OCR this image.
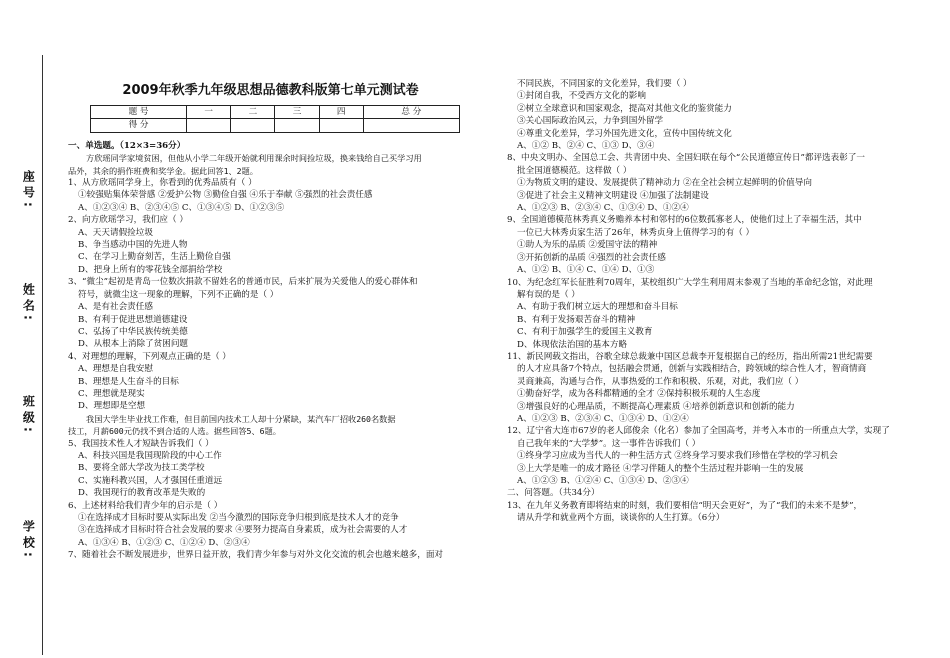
座号:
姓名:
班级:
学校:
2009年秋季九年级思想品德教科版第七单元测试卷
题 号	一	二	三	四	总 分
得 分					
一、单选题。（12×3=36分）
方欣瑶同学家境贫困，但他从小学二年级开始就利用课余时间捡垃圾，换来钱给自己买学习用
品外，其余的捐作班费和奖学金。据此回答1、2题。
1、从方欣瑶同学身上，你看到的优秀品质有（ ）
①较强贴集体荣誉感 ②爱护公物 ③勤俭自强 ④乐于奉献 ⑤强烈的社会责任感
A、①②③④ B、②③④⑤ C、①③④⑤ D、①②③⑤
2、向方欣瑶学习，我们应（ ）
A、天天请假捡垃圾
B、争当感动中国的先进人物
C、在学习上勤奋刻苦，生活上勤俭自强
D、把身上所有的零花钱全部捐给学校
3、“微尘”起初是青岛一位数次捐款不留姓名的普通市民，后来扩展为关爱他人的爱心群体和
符号，就微尘这一现象的理解，下列不正确的是（ ）
A、是有社会责任感
B、有利于促进思想道德建设
C、弘扬了中华民族传统美德
D、从根本上消除了贫困问题
4、对理想的理解，下列观点正确的是（ ）
A、理想是自我安慰
B、理想是人生奋斗的目标
C、理想就是现实
D、理想即是空想
我国大学生毕业找工作难，但目前国内技术工人却十分紧缺，某汽车厂招收260名数据
技工，月薪600元仍找不到合适的人选。据些回答5、6题。
5、我国技术性人才短缺告诉我们（ ）
A、科技兴国是我国现阶段的中心工作
B、要将全部大学改为技工类学校
C、实施科教兴国，人才强国任重道远
D、我国现行的教育改革是失败的
6、上述材料给我们青少年的启示是（ ）
①在选择成才目标时要从实际出发 ②当今激烈的国际竞争归根到底是技术人才的竞争
③在选择成才目标时符合社会发展的要求 ④要努力提高自身素质，成为社会需要的人才
A、①③④ B、①②③ C、①②④ D、②③④
7、随着社会不断发展进步，世界日益开放，我们青少年参与对外文化交流的机会也越来越多，面对
不同民族，不同国家的文化差异，我们要（ ）
①封闭自我，不受西方文化的影响
②树立全球意识和国家观念，提高对其他文化的鉴赏能力
③关心国际政治风云，力争到国外留学
④尊重文化差异，学习外国先进文化，宣传中国传统文化
A、①② B、②④ C、①③ D、③④
8、中央文明办、全国总工会、共青团中央、全国妇联在每个“公民道德宣传日”都评选表彰了一
批全国道德模范。这样做（ ）
①为物质文明的建设、发展提供了精神动力 ②在全社会树立起鲜明的价值导向
③促进了社会主义精神文明建设 ④加强了法制建设
A、①②③ B、②③④ C、①③④ D、①②④
9、全国道德模范林秀真义务赡养本村和邻村的6位数孤寡老人，使他们过上了幸福生活，其中
一位已大林秀贞家生活了26年，林秀贞身上值得学习的有（ ）
①助人为乐的品质 ②爱国守法的精神
③开拓创新的品质 ④强烈的社会责任感
A、①② B、①④ C、①④ D、①③
10、为纪念红军长征胜利70周年，某校组织广大学生利用周末参观了当地的革命纪念馆，对此理
解有误的是（ ）
A、有助于我们树立远大的理想和奋斗目标
B、有利于发扬艰苦奋斗的精神
C、有利于加强学生的爱国主义教育
D、体现依法治国的基本方略
11、新民网载文指出，谷歌全球总裁兼中国区总裁李开复根据自己的经历，指出所需21世纪需要
的人才应具备7个特点，包括融会贯通，创新与实践相结合，跨领域的综合性人才，智商情商
灵商兼高，沟通与合作，从事热爱的工作和积极、乐观，对此，我们应（ ）
①勤奋好学，成为各科都精通的全才 ②保持积极乐观的人生态度
③增强良好的心理品质，不断提高心理素质 ④培养创新意识和创新的能力
A、①②③ B、②③④ C、①③④ D、①②④
12、辽宁省大连市67岁的老人邱俊余（化名）参加了全国高考，并考入本市的一所重点大学，实现了
自己我年来的“大学梦”。这一事件告诉我们（ ）
①终身学习应成为当代人的一种生活方式 ②终身学习要求我们珍惜在学校的学习机会
③上大学是唯一的成才路径 ④学习伴随人的整个生活过程并影响一生的发展
A、①②③ B、①②④ C、①③④ D、②③④
二、问答题。（共34分）
13、在九年义务教育即将结束的时刻，我们要相信“明天会更好”，为了“我们的未来不是梦”，
请从升学和就业两个方面，谈谈你的人生打算。（6分）
